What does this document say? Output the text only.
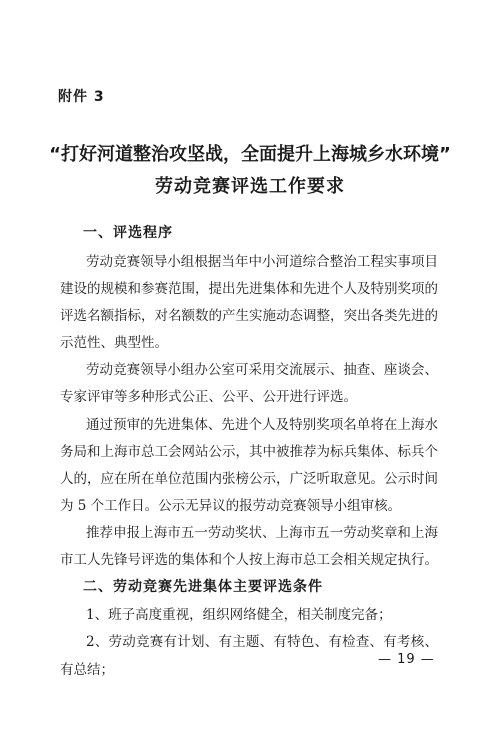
附件 3
“打好河道整治攻坚战，全面提升上海城乡水环境”
劳动竞赛评选工作要求
一、评选程序
劳动竞赛领导小组根据当年中小河道综合整治工程实事项目
建设的规模和参赛范围，提出先进集体和先进个人及特别奖项的
评选名额指标，对名额数的产生实施动态调整，突出各类先进的
示范性、典型性。
劳动竞赛领导小组办公室可采用交流展示、抽查、座谈会、
专家评审等多种形式公正、公平、公开进行评选。
通过预审的先进集体、先进个人及特别奖项名单将在上海水
务局和上海市总工会网站公示，其中被推荐为标兵集体、标兵个
人的，应在所在单位范围内张榜公示，广泛听取意见。公示时间
为 5 个工作日。公示无异议的报劳动竞赛领导小组审核。
推荐申报上海市五一劳动奖状、上海市五一劳动奖章和上海
市工人先锋号评选的集体和个人按上海市总工会相关规定执行。
二、劳动竞赛先进集体主要评选条件
1、班子高度重视，组织网络健全，相关制度完备；
2、劳动竞赛有计划、有主题、有特色、有检查、有考核、
有总结；
— 19 —
